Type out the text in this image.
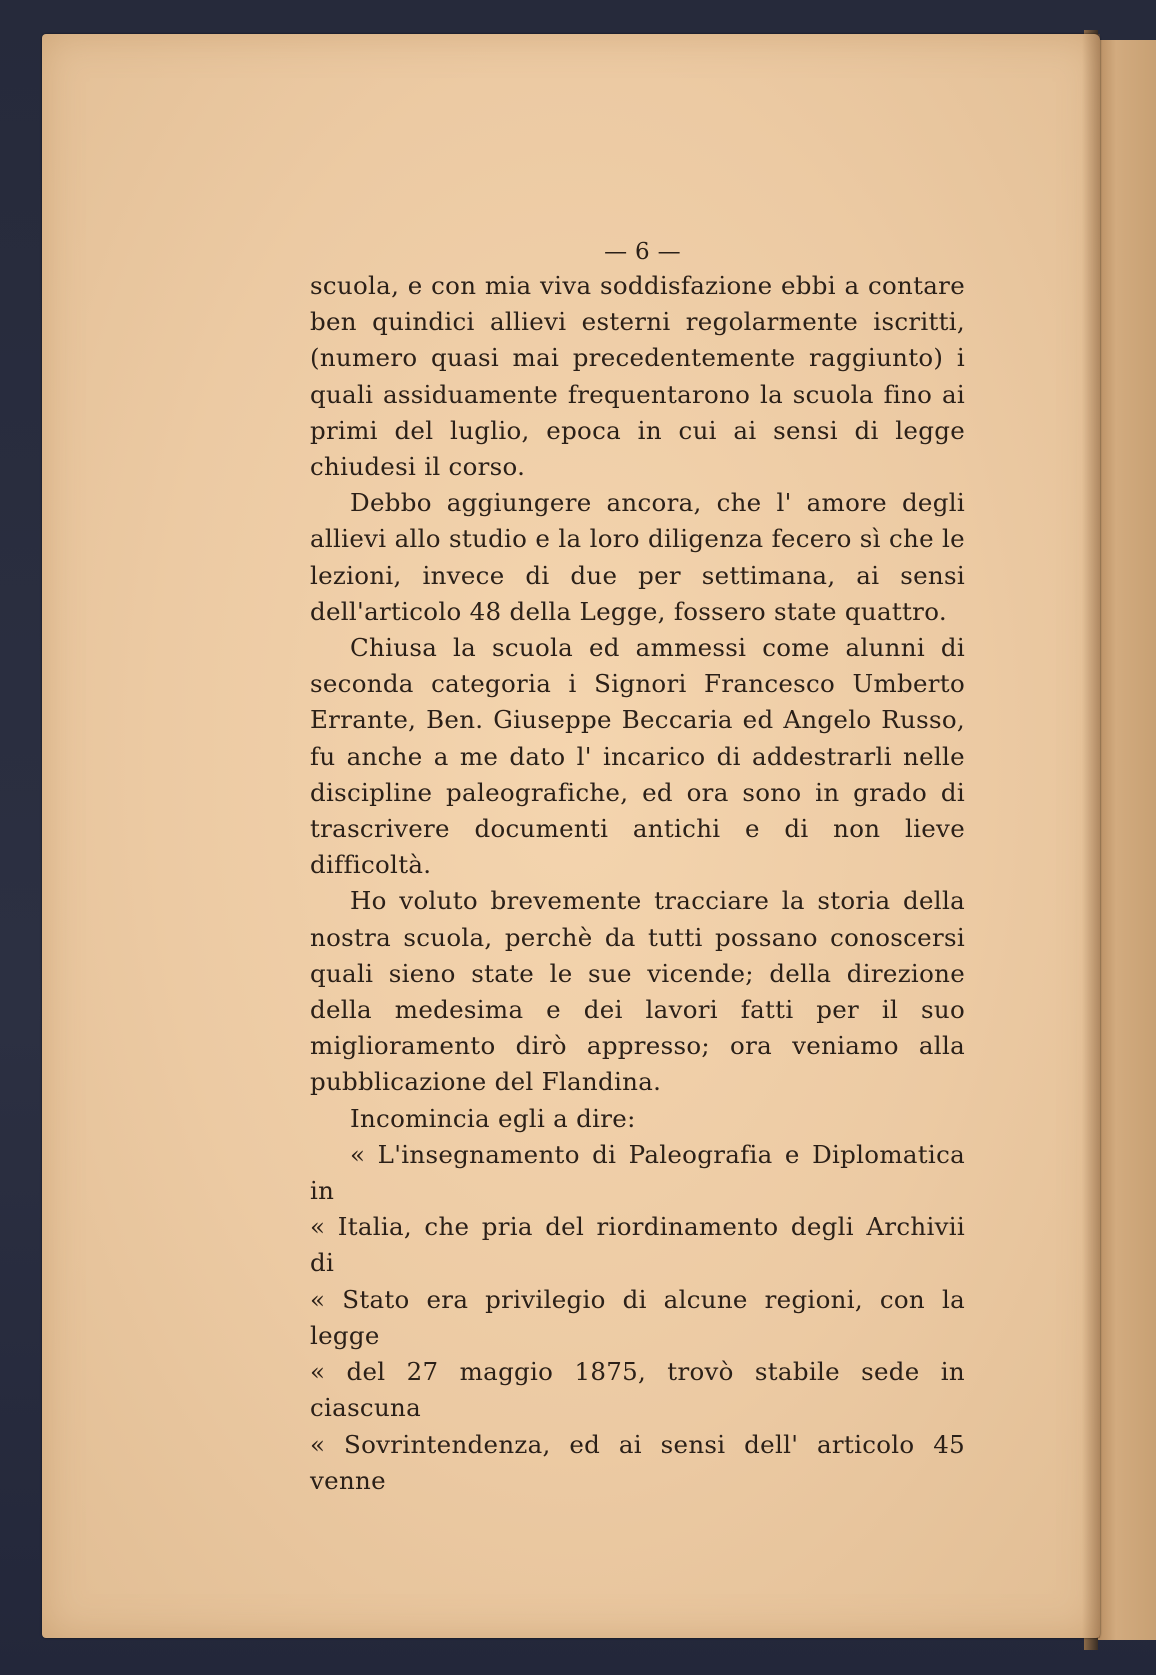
— 6 —

scuola, e con mia viva soddisfazione ebbi a contare ben quindici allievi esterni regolarmente iscritti, (numero quasi mai precedentemente raggiunto) i quali assiduamente frequentarono la scuola fino ai primi del luglio, epoca in cui ai sensi di legge chiudesi il corso.

Debbo aggiungere ancora, che l' amore degli allievi allo studio e la loro diligenza fecero sì che le lezioni, invece di due per settimana, ai sensi dell'articolo 48 della Legge, fossero state quattro.

Chiusa la scuola ed ammessi come alunni di seconda categoria i Signori Francesco Umberto Errante, Ben. Giuseppe Beccaria ed Angelo Russo, fu anche a me dato l' incarico di addestrarli nelle discipline paleografiche, ed ora sono in grado di trascrivere documenti antichi e di non lieve difficoltà.

Ho voluto brevemente tracciare la storia della nostra scuola, perchè da tutti possano conoscersi quali sieno state le sue vicende; della direzione della medesima e dei lavori fatti per il suo miglioramento dirò appresso; ora veniamo alla pubblicazione del Flandina.

Incomincia egli a dire:

« L'insegnamento di Paleografia e Diplomatica in

« Italia, che pria del riordinamento degli Archivii di

« Stato era privilegio di alcune regioni, con la legge

« del 27 maggio 1875, trovò stabile sede in ciascuna

« Sovrintendenza, ed ai sensi dell' articolo 45 venne
